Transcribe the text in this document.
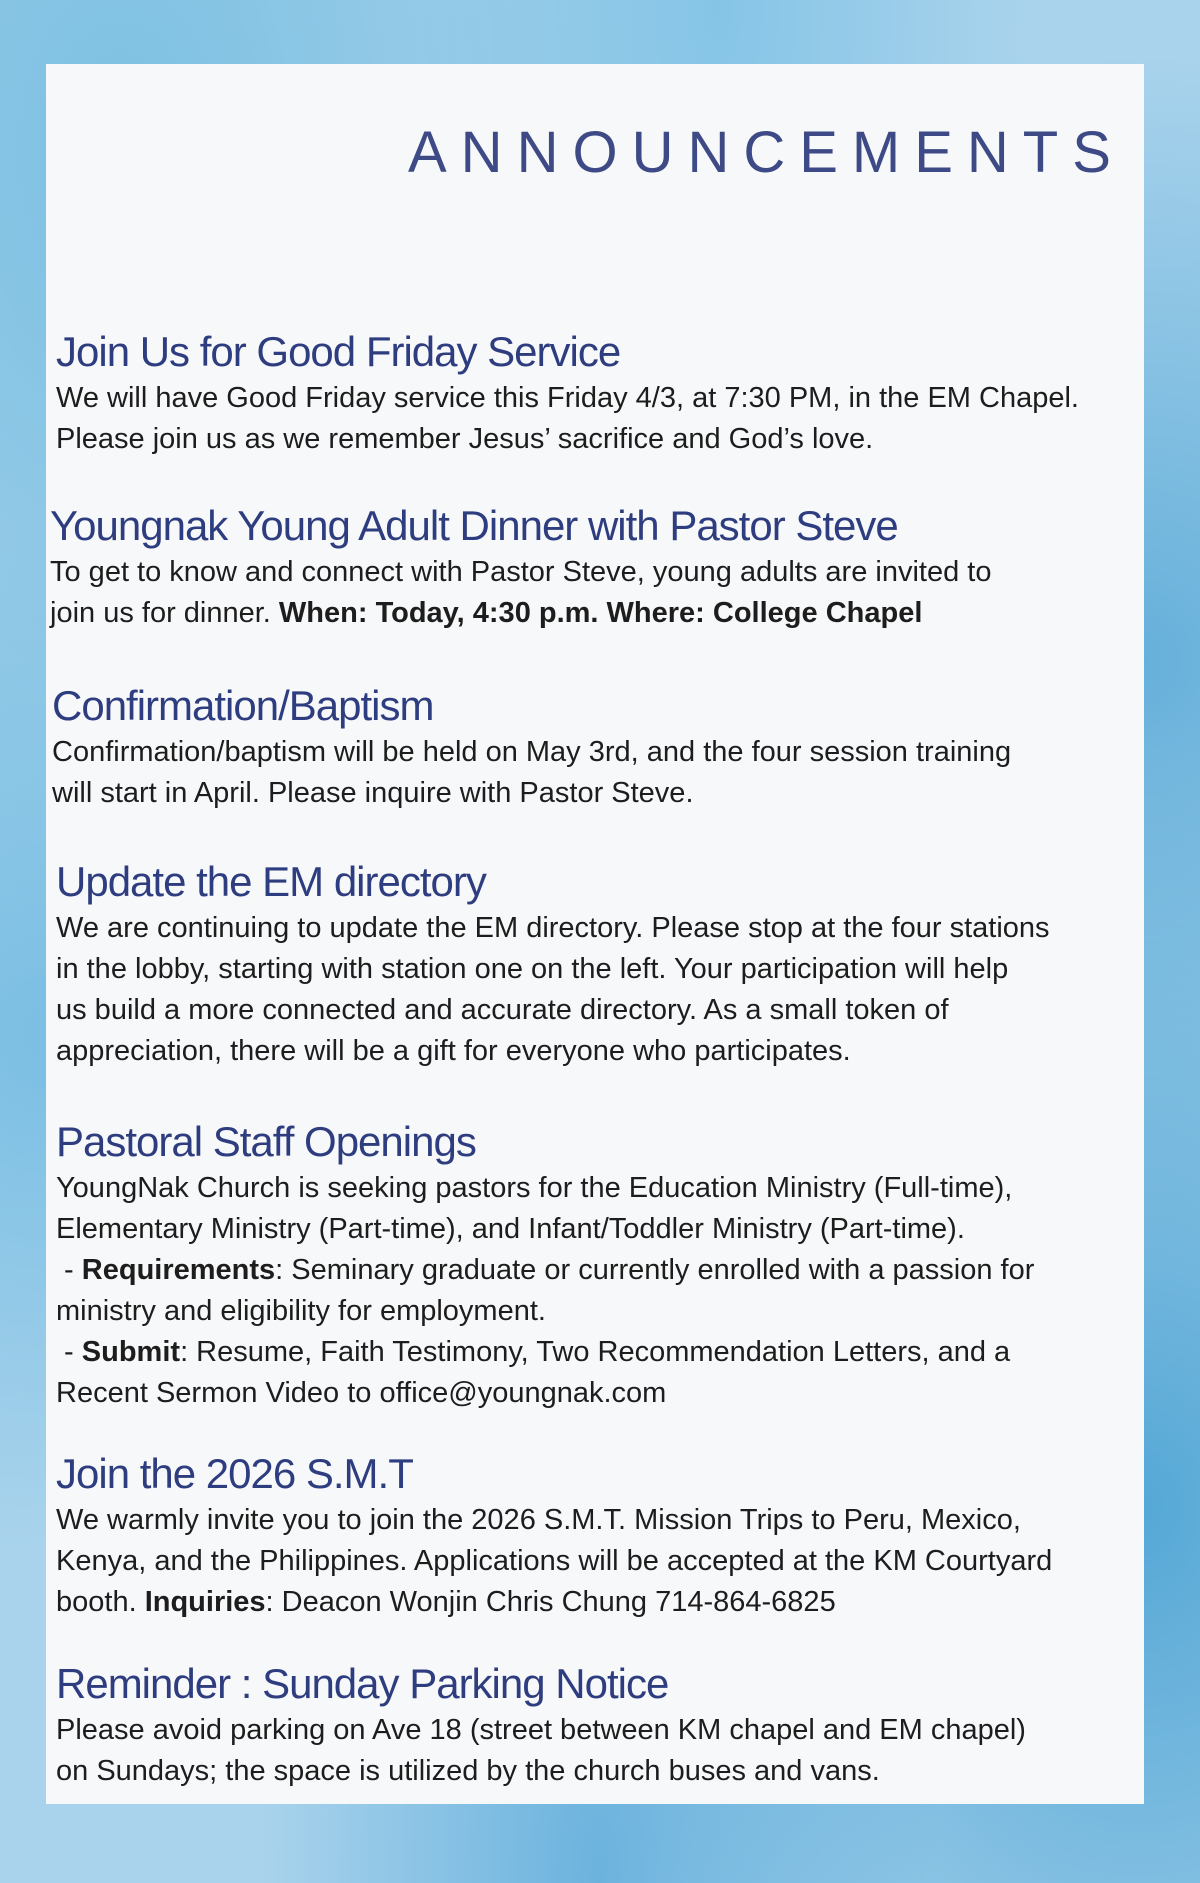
ANNOUNCEMENTS
Join Us for Good Friday Service

We will have Good Friday service this Friday 4/3, at 7:30 PM, in the EM Chapel.
Please join us as we remember Jesus’ sacrifice and God’s love.

Youngnak Young Adult Dinner with Pastor Steve

To get to know and connect with Pastor Steve, young adults are invited to
join us for dinner. When: Today, 4:30 p.m. Where: College Chapel

Confirmation/Baptism

Confirmation/baptism will be held on May 3rd, and the four session training
will start in April. Please inquire with Pastor Steve.

Update the EM directory

We are continuing to update the EM directory. Please stop at the four stations
in the lobby, starting with station one on the left. Your participation will help
us build a more connected and accurate directory. As a small token of
appreciation, there will be a gift for everyone who participates.

Pastoral Staff Openings

YoungNak Church is seeking pastors for the Education Ministry (Full-time),
Elementary Ministry (Part-time), and Infant/Toddler Ministry (Part-time).
- Requirements: Seminary graduate or currently enrolled with a passion for
ministry and eligibility for employment.
- Submit: Resume, Faith Testimony, Two Recommendation Letters, and a
Recent Sermon Video to office@youngnak.com

Join the 2026 S.M.T

We warmly invite you to join the 2026 S.M.T. Mission Trips to Peru, Mexico,
Kenya, and the Philippines. Applications will be accepted at the KM Courtyard
booth. Inquiries: Deacon Wonjin Chris Chung 714-864-6825

Reminder : Sunday Parking Notice

Please avoid parking on Ave 18 (street between KM chapel and EM chapel)
on Sundays; the space is utilized by the church buses and vans.
